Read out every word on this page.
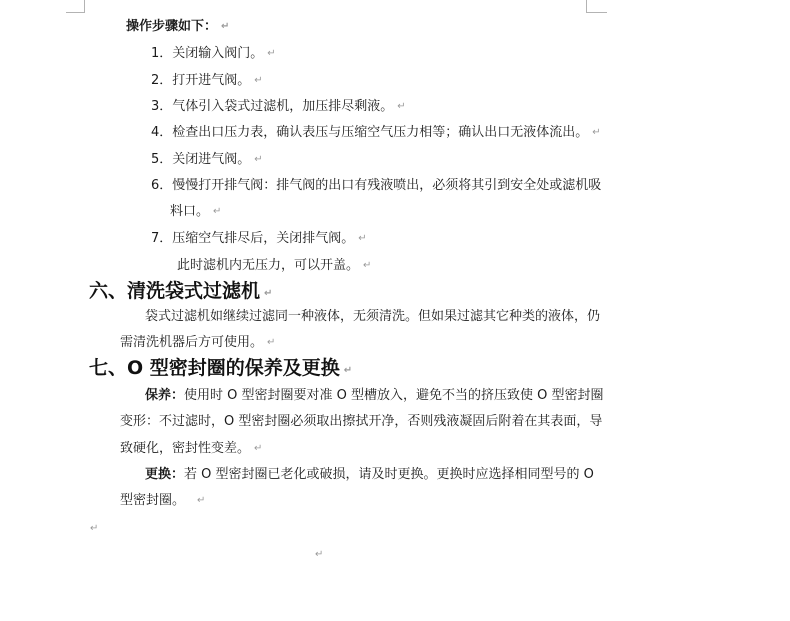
操作步骤如下： ↵
1．关闭输入阀门。 ↵
2．打开进气阀。 ↵
3．气体引入袋式过滤机，加压排尽剩液。 ↵
4．检查出口压力表，确认表压与压缩空气压力相等；确认出口无液体流出。 ↵
5．关闭进气阀。 ↵
6．慢慢打开排气阀：排气阀的出口有残液喷出，必须将其引到安全处或滤机吸
料口。 ↵
7．压缩空气排尽后，关闭排气阀。 ↵
此时滤机内无压力，可以开盖。 ↵
六、清洗袋式过滤机 ↵
袋式过滤机如继续过滤同一种液体，无须清洗。但如果过滤其它种类的液体，仍
需清洗机器后方可使用。 ↵
七、O 型密封圈的保养及更换 ↵
保养：使用时 O 型密封圈要对准 O 型槽放入，避免不当的挤压致使 O 型密封圈
变形：不过滤时，O 型密封圈必须取出擦拭开净，否则残液凝固后附着在其表面，导
致硬化，密封性变差。 ↵
更换：若 O 型密封圈已老化或破损，请及时更换。更换时应选择相同型号的 O
型密封圈。 ↵
↵
↵
